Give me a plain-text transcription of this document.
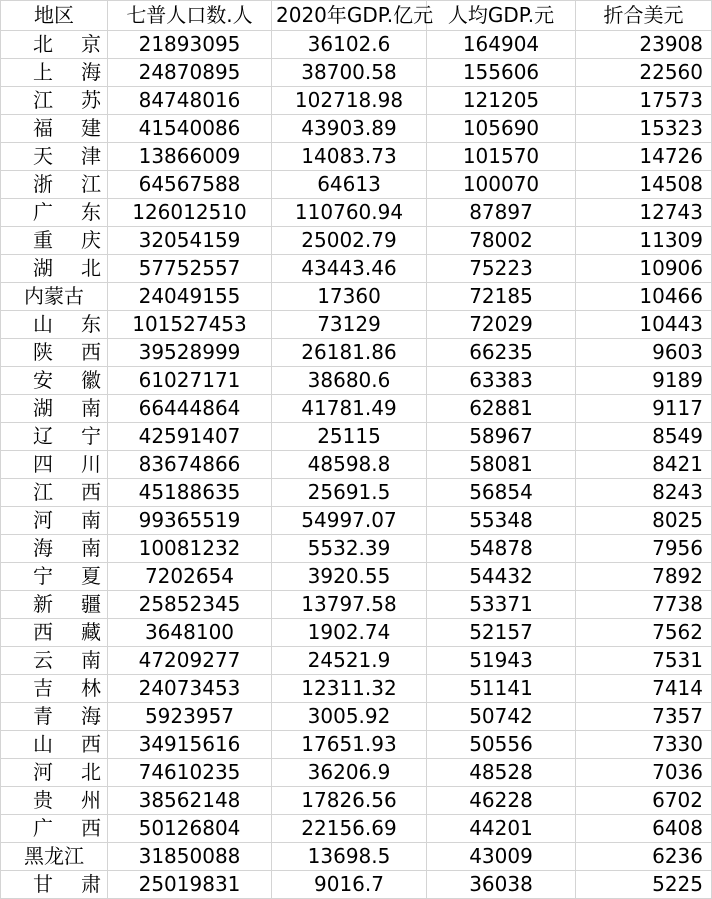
地区	七普人口数.人	2020年GDP.亿元	人均GDP.元	折合美元
北京	21893095	36102.6	164904	23908
上海	24870895	38700.58	155606	22560
江苏	84748016	102718.98	121205	17573
福建	41540086	43903.89	105690	15323
天津	13866009	14083.73	101570	14726
浙江	64567588	64613	100070	14508
广东	126012510	110760.94	87897	12743
重庆	32054159	25002.79	78002	11309
湖北	57752557	43443.46	75223	10906
内蒙古	24049155	17360	72185	10466
山东	101527453	73129	72029	10443
陕西	39528999	26181.86	66235	9603
安徽	61027171	38680.6	63383	9189
湖南	66444864	41781.49	62881	9117
辽宁	42591407	25115	58967	8549
四川	83674866	48598.8	58081	8421
江西	45188635	25691.5	56854	8243
河南	99365519	54997.07	55348	8025
海南	10081232	5532.39	54878	7956
宁夏	7202654	3920.55	54432	7892
新疆	25852345	13797.58	53371	7738
西藏	3648100	1902.74	52157	7562
云南	47209277	24521.9	51943	7531
吉林	24073453	12311.32	51141	7414
青海	5923957	3005.92	50742	7357
山西	34915616	17651.93	50556	7330
河北	74610235	36206.9	48528	7036
贵州	38562148	17826.56	46228	6702
广西	50126804	22156.69	44201	6408
黑龙江	31850088	13698.5	43009	6236
甘肃	25019831	9016.7	36038	5225
